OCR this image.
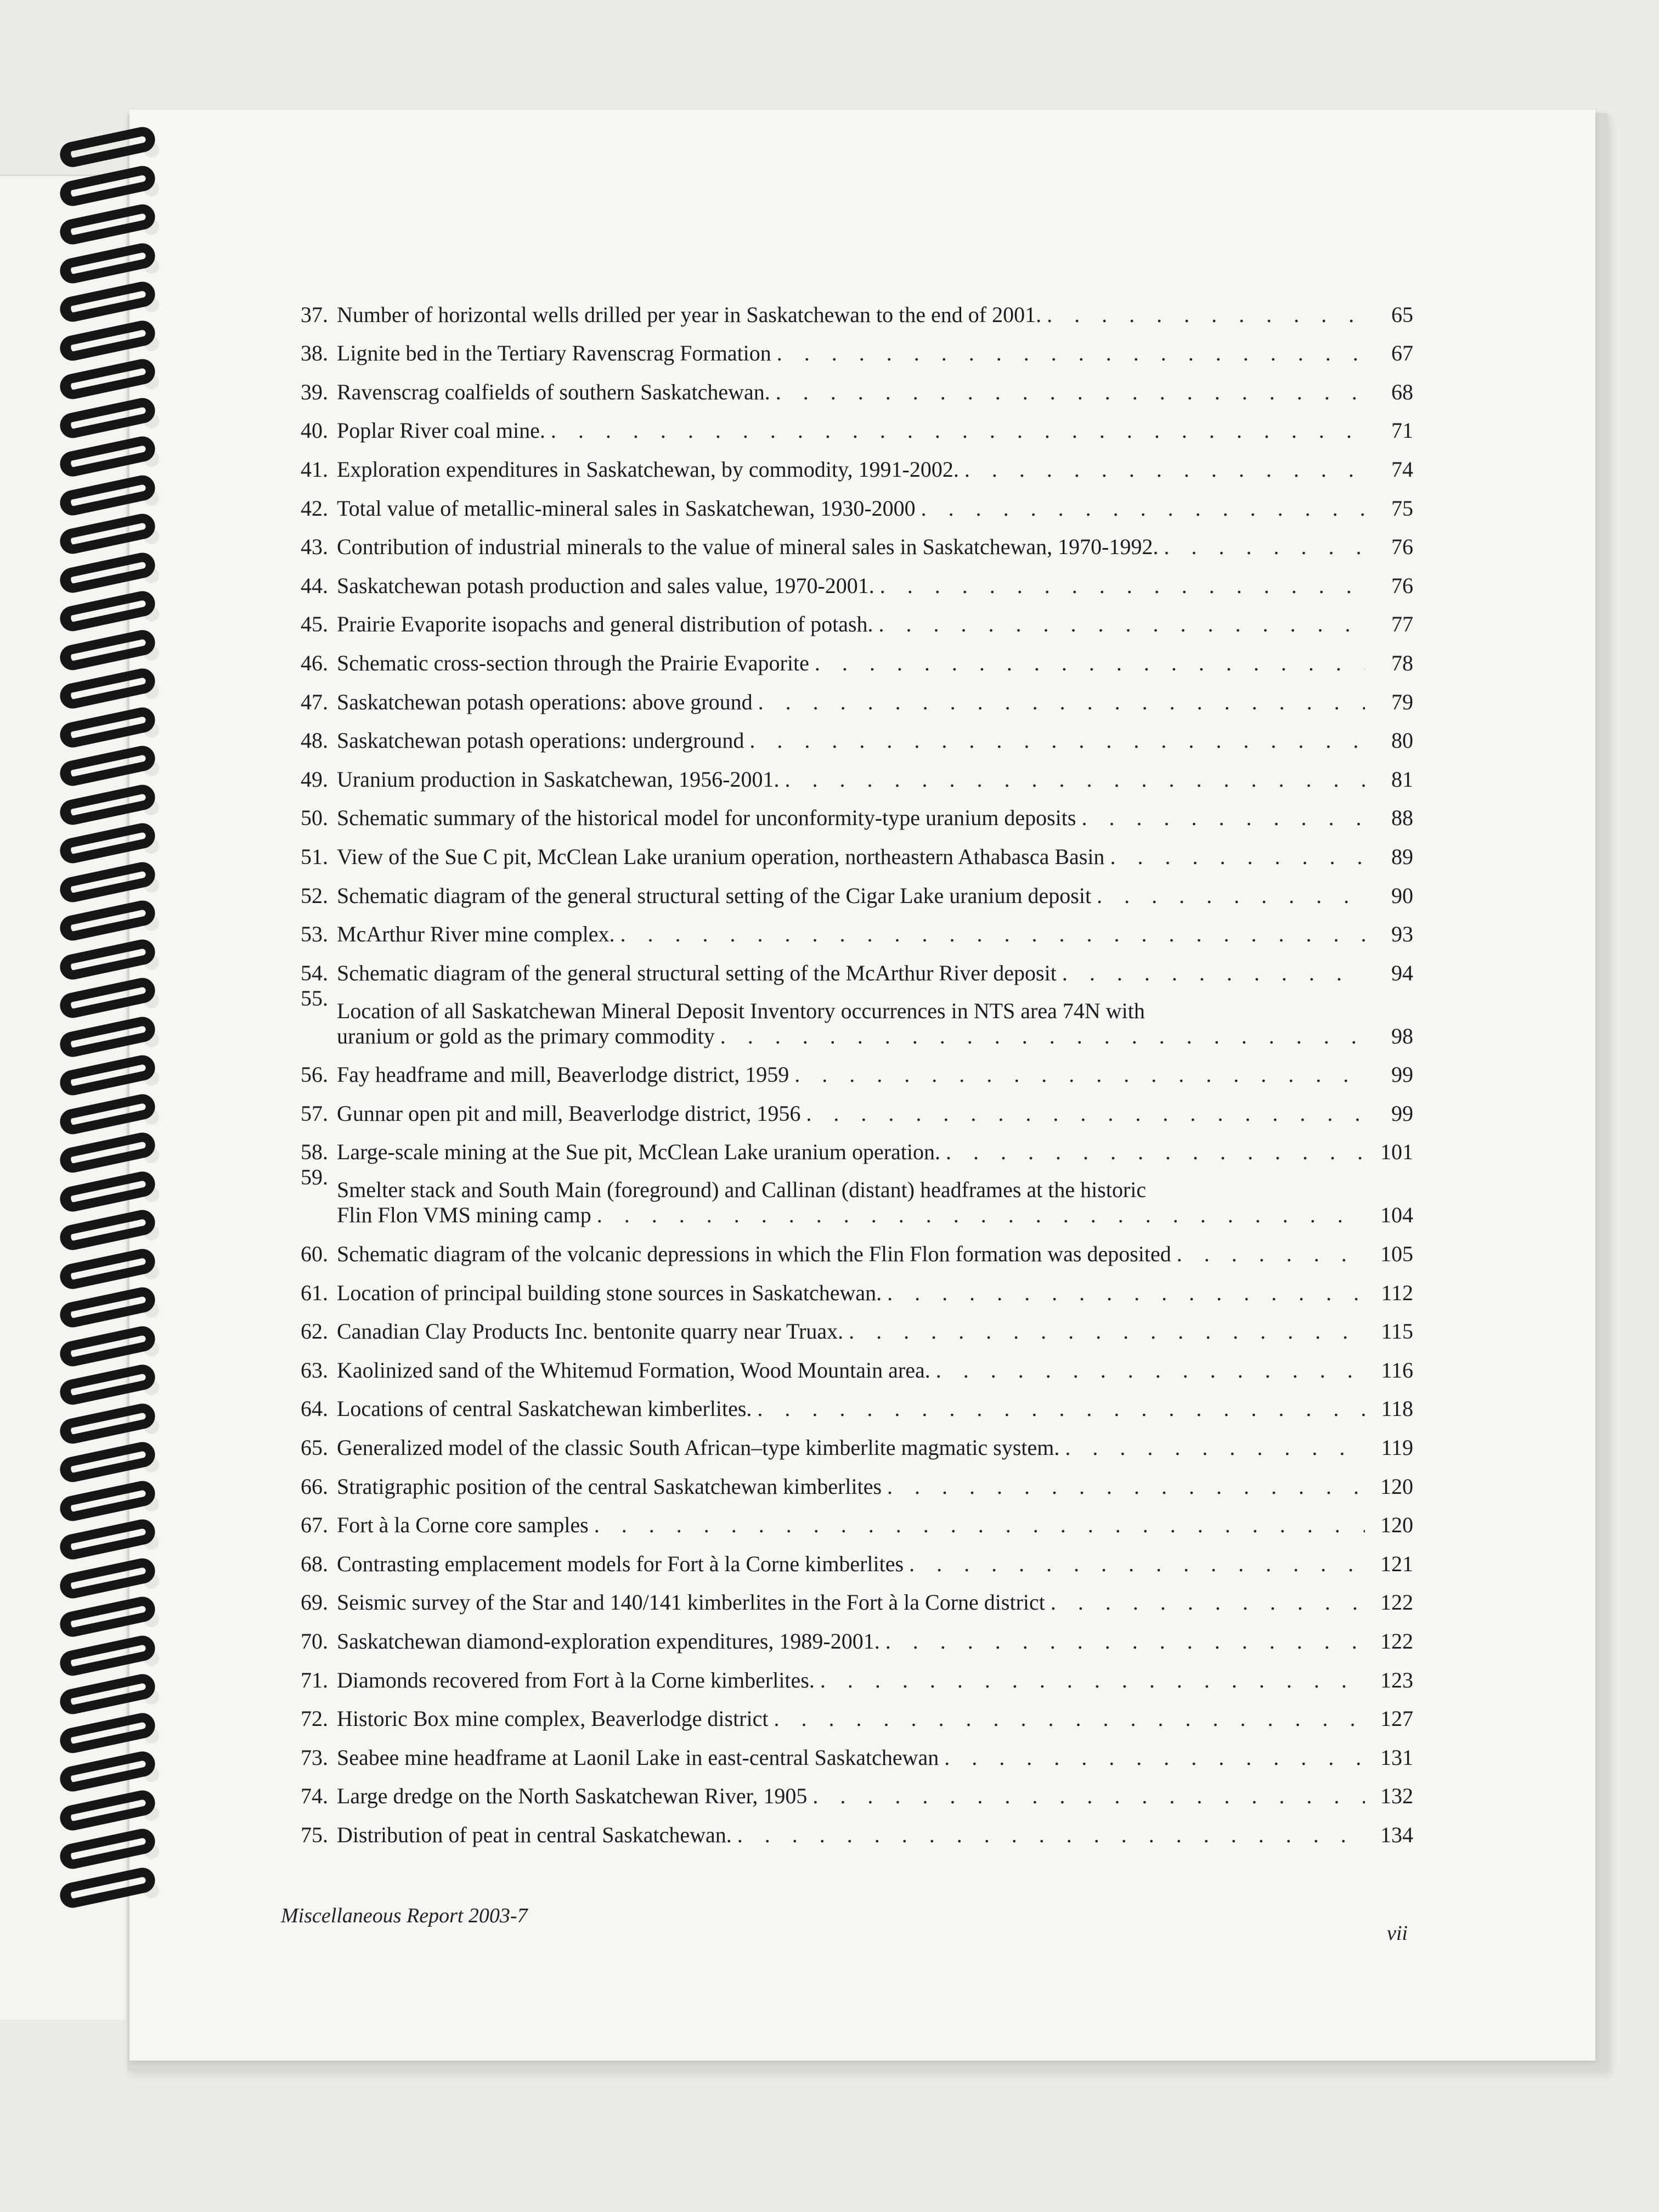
37. Number of horizontal wells drilled per year in Saskatchewan to the end of 2001. . . .	65
38. Lignite bed in the Tertiary Ravenscrag Formation . . .	67
39. Ravenscrag coalfields of southern Saskatchewan. . . .	68
40. Poplar River coal mine. . . .	71
41. Exploration expenditures in Saskatchewan, by commodity, 1991-2002. . . .	74
42. Total value of metallic-mineral sales in Saskatchewan, 1930-2000 . . .	75
43. Contribution of industrial minerals to the value of mineral sales in Saskatchewan, 1970-1992. . . .	76
44. Saskatchewan potash production and sales value, 1970-2001. . . .	76
45. Prairie Evaporite isopachs and general distribution of potash. . . .	77
46. Schematic cross-section through the Prairie Evaporite . . .	78
47. Saskatchewan potash operations: above ground . . .	79
48. Saskatchewan potash operations: underground . . .	80
49. Uranium production in Saskatchewan, 1956-2001. . . .	81
50. Schematic summary of the historical model for unconformity-type uranium deposits . . .	88
51. View of the Sue C pit, McClean Lake uranium operation, northeastern Athabasca Basin . . .	89
52. Schematic diagram of the general structural setting of the Cigar Lake uranium deposit . . .	90
53. McArthur River mine complex. . . .	93
54. Schematic diagram of the general structural setting of the McArthur River deposit . . .	94
55.
Location of all Saskatchewan Mineral Deposit Inventory occurrences in NTS area 74N with
uranium or gold as the primary commodity . . .	98
56. Fay headframe and mill, Beaverlodge district, 1959 . . .	99
57. Gunnar open pit and mill, Beaverlodge district, 1956 . . .	99
58. Large-scale mining at the Sue pit, McClean Lake uranium operation. . . .	101
59.
Smelter stack and South Main (foreground) and Callinan (distant) headframes at the historic
Flin Flon VMS mining camp . . .	104
60. Schematic diagram of the volcanic depressions in which the Flin Flon formation was deposited . . .	105
61. Location of principal building stone sources in Saskatchewan. . . .	112
62. Canadian Clay Products Inc. bentonite quarry near Truax. . . .	115
63. Kaolinized sand of the Whitemud Formation, Wood Mountain area. . . .	116
64. Locations of central Saskatchewan kimberlites. . . .	118
65. Generalized model of the classic South African–type kimberlite magmatic system. . . .	119
66. Stratigraphic position of the central Saskatchewan kimberlites . . .	120
67. Fort à la Corne core samples . . .	120
68. Contrasting emplacement models for Fort à la Corne kimberlites . . .	121
69. Seismic survey of the Star and 140/141 kimberlites in the Fort à la Corne district . . .	122
70. Saskatchewan diamond-exploration expenditures, 1989-2001. . . .	122
71. Diamonds recovered from Fort à la Corne kimberlites. . . .	123
72. Historic Box mine complex, Beaverlodge district . . .	127
73. Seabee mine headframe at Laonil Lake in east-central Saskatchewan . . .	131
74. Large dredge on the North Saskatchewan River, 1905 . . .	132
75. Distribution of peat in central Saskatchewan. . . .	134
Miscellaneous Report 2003-7
vii
